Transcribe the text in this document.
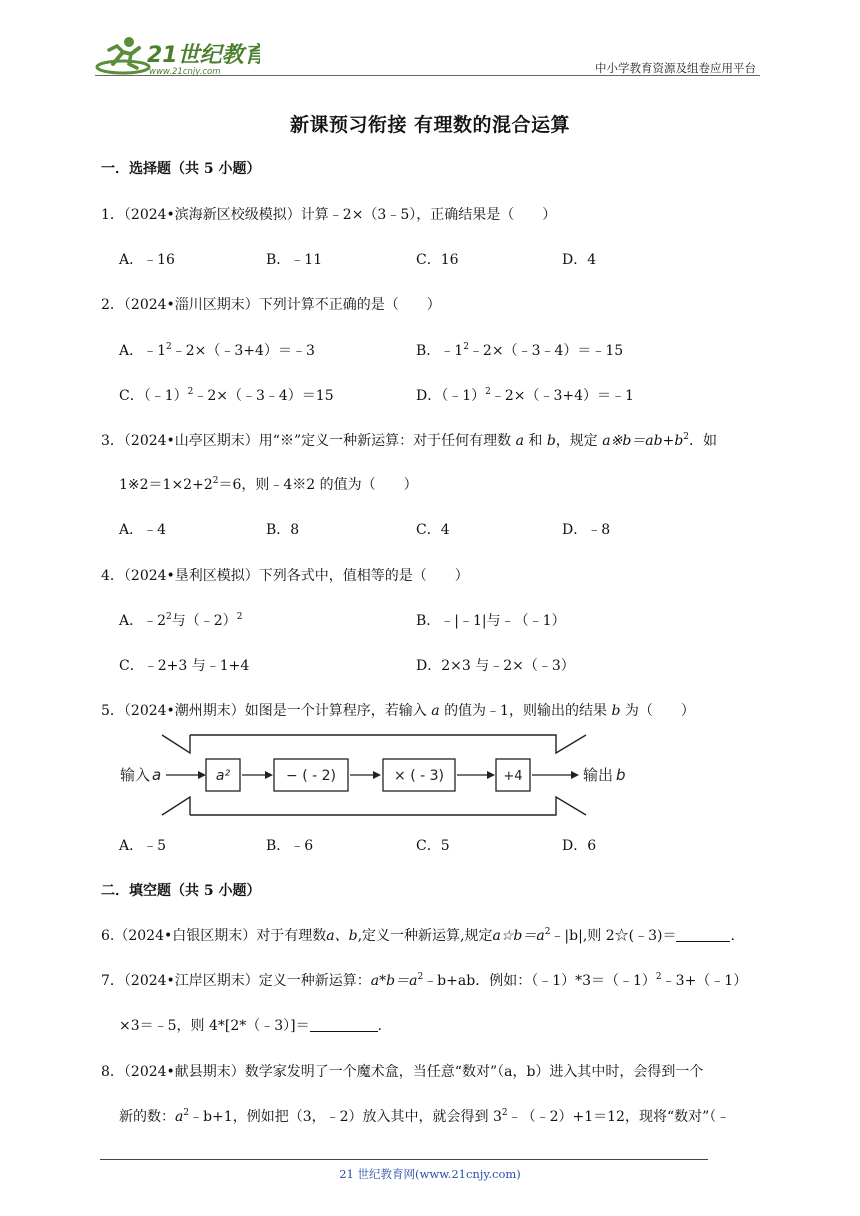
21世纪教育
www.21cnjy.com	中小学教育资源及组卷应用平台
新课预习衔接 有理数的混合运算
一．选择题（共 5 小题）
1．（2024•滨海新区校级模拟）计算﹣2×（3﹣5），正确结果是（　　）
A．﹣16	B．﹣11	C．16	D．4
2．（2024•淄川区期末）下列计算不正确的是（　　）
A．$﹣1^2﹣2\times(﹣3+4)=﹣3$	B．$﹣1^2﹣2\times(﹣3﹣4)=﹣15$
C．（﹣1）$^2$﹣2×（﹣3﹣4）＝15	D．（﹣1）$^2$﹣2×（﹣3+4）＝﹣1
3．（2024•山亭区期末）用“※”定义一种新运算：对于任何有理数 a 和 b，规定 $a※b=ab+b^2$．如
$1※2=1\times 2+2^2=6$，则﹣4※2 的值为（　　）
A．﹣4	B．8	C．4	D．﹣8
4．（2024•垦利区模拟）下列各式中，值相等的是（　　）
A．$﹣2^2$与（﹣2）$^2$	B．﹣|﹣1|与﹣（﹣1）
C．﹣2+3 与﹣1+4	D．2×3 与﹣2×（﹣3）
5．（2024•潮州期末）如图是一个计算程序，若输入 a 的值为﹣1，则输出的结果 b 为（　　）
输入 a	a²	− ( - 2)	× ( - 3)	+4	输出 b
A．﹣5	B．﹣6	C．5	D．6
二．填空题（共 5 小题）
6.（2024•白银区期末）对于有理数a、b,定义一种新运算,规定$a☆b=a^2﹣|b|$,则 2☆(﹣3)＝	.
7．（2024•江岸区期末）定义一种新运算：$a*b=a^2﹣b+ab$．例如：（﹣1）*3＝（﹣1）$^2$﹣3+（﹣1）
×3＝﹣5，则 4*[2*（﹣3）]＝	.
8．（2024•献县期末）数学家发明了一个魔术盒，当任意“数对”（a，b）进入其中时，会得到一个
新的数：$a^2﹣b+1$，例如把（3，﹣2）放入其中，就会得到 $3^2﹣(﹣2)+1=12$，现将“数对”（﹣
21 世纪教育网(www.21cnjy.com)
